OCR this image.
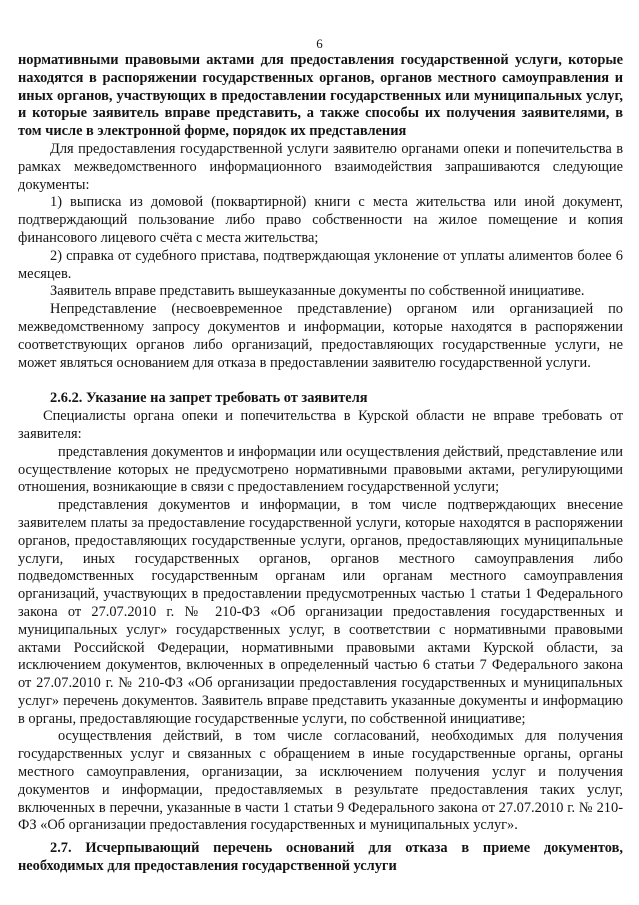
6

нормативными правовыми актами для предоставления государственной услуги, которые находятся в распоряжении государственных органов, органов местного самоуправления и иных органов, участвующих в предоставлении государственных или муниципальных услуг, и которые заявитель вправе представить, а также способы их получения заявителями, в том числе в электронной форме, порядок их представления

Для предоставления государственной услуги заявителю органами опеки и попечительства в рамках межведомственного информационного взаимодействия запрашиваются следующие документы:

1) выписка из домовой (поквартирной) книги с места жительства или иной документ, подтверждающий пользование либо право собственности на жилое помещение и копия финансового лицевого счёта с места жительства;

2) справка от судебного пристава, подтверждающая уклонение от уплаты алиментов более 6 месяцев.

Заявитель вправе представить вышеуказанные документы по собственной инициативе.

Непредставление (несвоевременное представление) органом или организацией по межведомственному запросу документов и информации, которые находятся в распоряжении соответствующих органов либо организаций, предоставляющих государственные услуги, не может являться основанием для отказа в предоставлении заявителю государственной услуги.

2.6.2. Указание на запрет требовать от заявителя

Специалисты органа опеки и попечительства в Курской области не вправе требовать от заявителя:

представления документов и информации или осуществления действий, представление или осуществление которых не предусмотрено нормативными правовыми актами, регулирующими отношения, возникающие в связи с предоставлением государственной услуги;

представления документов и информации, в том числе подтверждающих внесение заявителем платы за предоставление государственной услуги, которые находятся в распоряжении органов, предоставляющих государственные услуги, органов, предоставляющих муниципальные услуги, иных государственных органов, органов местного самоуправления либо подведомственных государственным органам или органам местного самоуправления организаций, участвующих в предоставлении предусмотренных частью 1 статьи 1 Федерального закона от 27.07.2010 г. № 210-ФЗ «Об организации предоставления государственных и муниципальных услуг» государственных услуг, в соответствии с нормативными правовыми актами Российской Федерации, нормативными правовыми актами Курской области, за исключением документов, включенных в определенный частью 6 статьи 7 Федерального закона от 27.07.2010 г. № 210-ФЗ «Об организации предоставления государственных и муниципальных услуг» перечень документов. Заявитель вправе представить указанные документы и информацию в органы, предоставляющие государственные услуги, по собственной инициативе;

осуществления действий, в том числе согласований, необходимых для получения государственных услуг и связанных с обращением в иные государственные органы, органы местного самоуправления, организации, за исключением получения услуг и получения документов и информации, предоставляемых в результате предоставления таких услуг, включенных в перечни, указанные в части 1 статьи 9 Федерального закона от 27.07.2010 г. № 210-ФЗ «Об организации предоставления государственных и муниципальных услуг».

2.7. Исчерпывающий перечень оснований для отказа в приеме документов, необходимых для предоставления государственной услуги
